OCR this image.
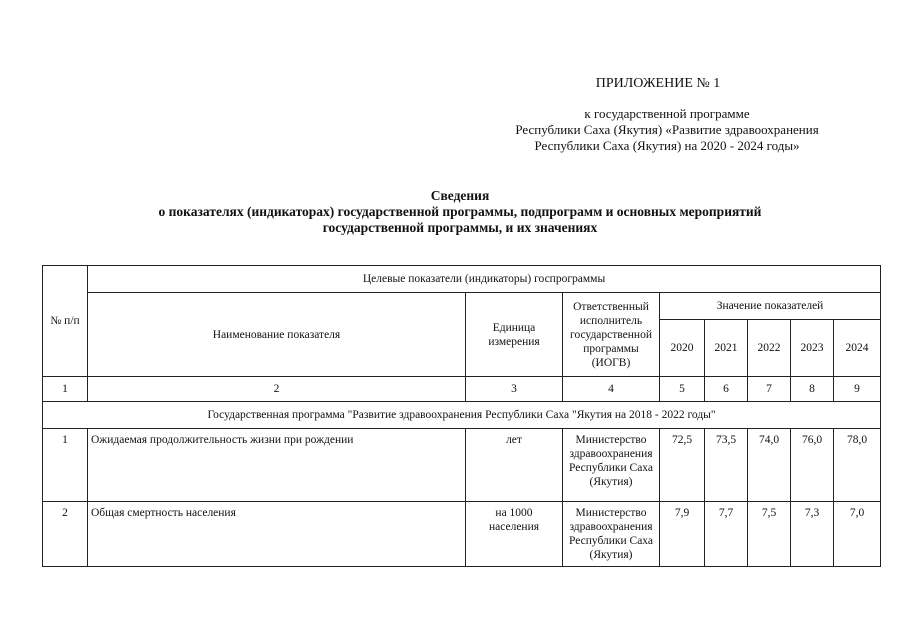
ПРИЛОЖЕНИЕ № 1
к государственной программе
Республики Саха (Якутия) «Развитие здравоохранения
Республики Саха (Якутия) на 2020 - 2024 годы»
Сведения
о показателях (индикаторах) государственной программы, подпрограмм и основных мероприятий
государственной программы, и их значениях
№ п/п	Целевые показатели (индикаторы) госпрограммы							
	Наименование показателя	Единица измерения	Ответственный исполнитель государственной программы (ИОГВ)	Значение показателей				
				2020	2021	2022	2023	2024
1	2	3	4	5	6	7	8	9
Государственная программа "Развитие здравоохранения Республики Саха "Якутия на 2018 - 2022 годы"								
1	Ожидаемая продолжительность жизни при рождении	лет	Министерство здравоохранения Республики Саха (Якутия)	72,5	73,5	74,0	76,0	78,0
2	Общая смертность населения	на 1000 населения	Министерство здравоохранения Республики Саха (Якутия)	7,9	7,7	7,5	7,3	7,0
